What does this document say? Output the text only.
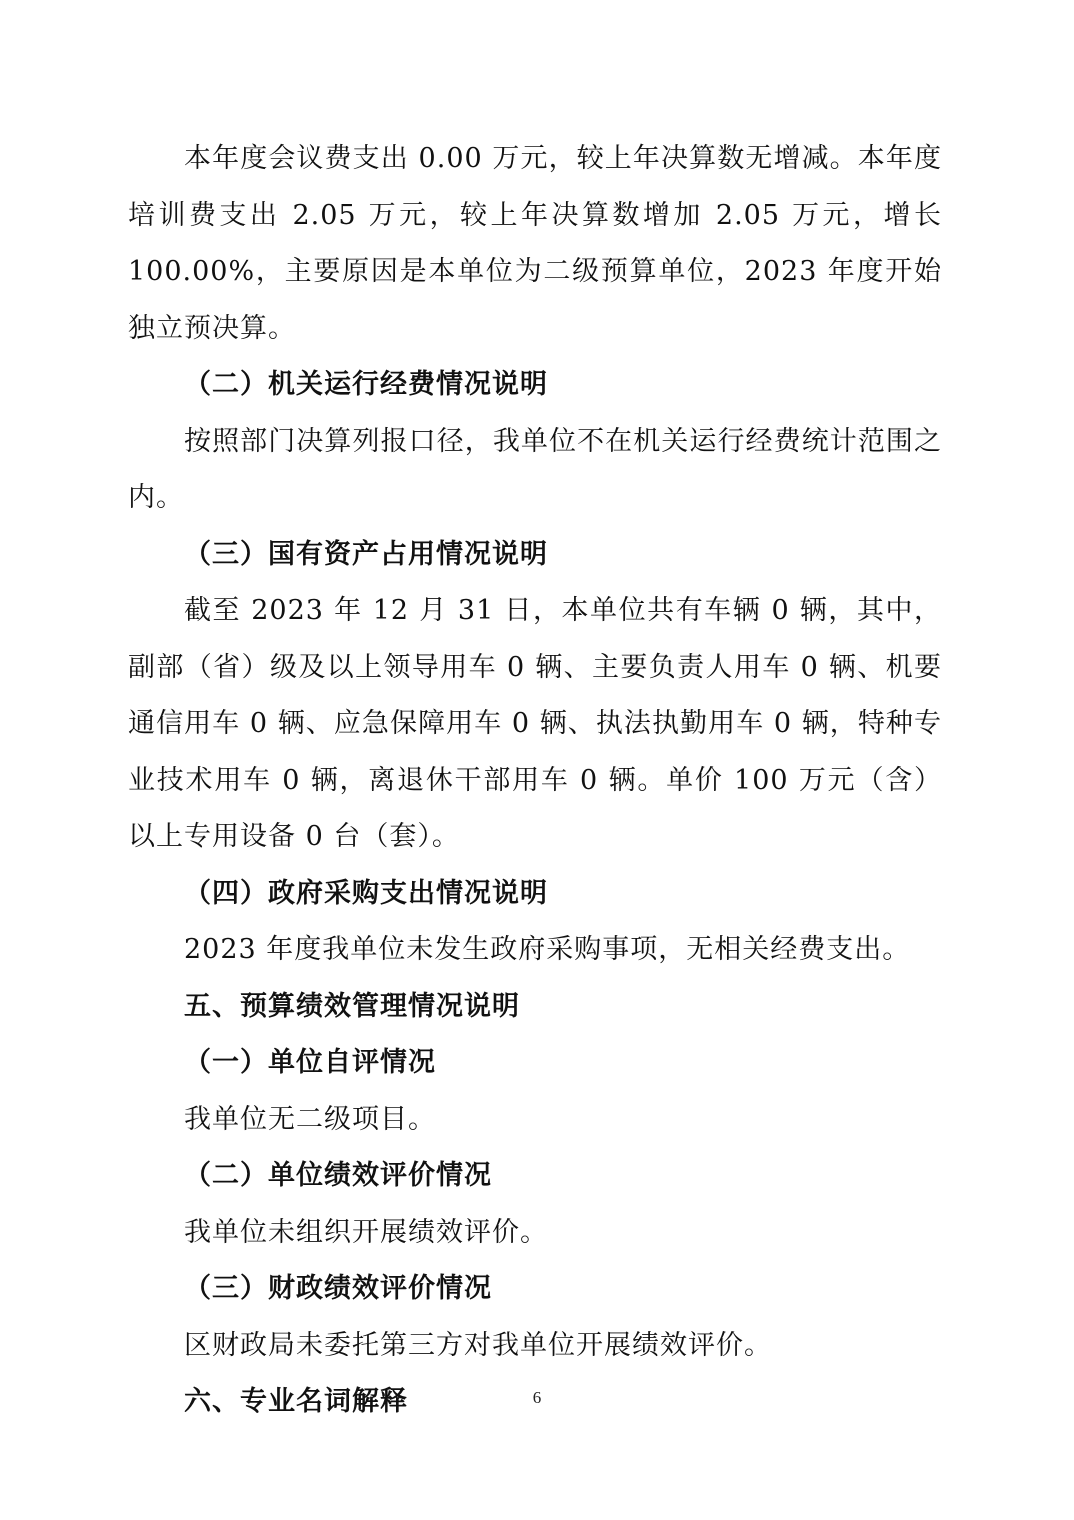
本年度会议费支出 0.00 万元，较上年决算数无增减。本年度培训费支出 2.05 万元，较上年决算数增加 2.05 万元，增长 100.00%，主要原因是本单位为二级预算单位，2023 年度开始独立预决算。

（二）机关运行经费情况说明

按照部门决算列报口径，我单位不在机关运行经费统计范围之内。

（三）国有资产占用情况说明

截至 2023 年 12 月 31 日，本单位共有车辆 0 辆，其中，副部（省）级及以上领导用车 0 辆、主要负责人用车 0 辆、机要通信用车 0 辆、应急保障用车 0 辆、执法执勤用车 0 辆，特种专业技术用车 0 辆，离退休干部用车 0 辆。单价 100 万元（含）以上专用设备 0 台（套）。

（四）政府采购支出情况说明

2023 年度我单位未发生政府采购事项，无相关经费支出。

五、预算绩效管理情况说明

（一）单位自评情况

我单位无二级项目。

（二）单位绩效评价情况

我单位未组织开展绩效评价。

（三）财政绩效评价情况

区财政局未委托第三方对我单位开展绩效评价。

六、专业名词解释	6
